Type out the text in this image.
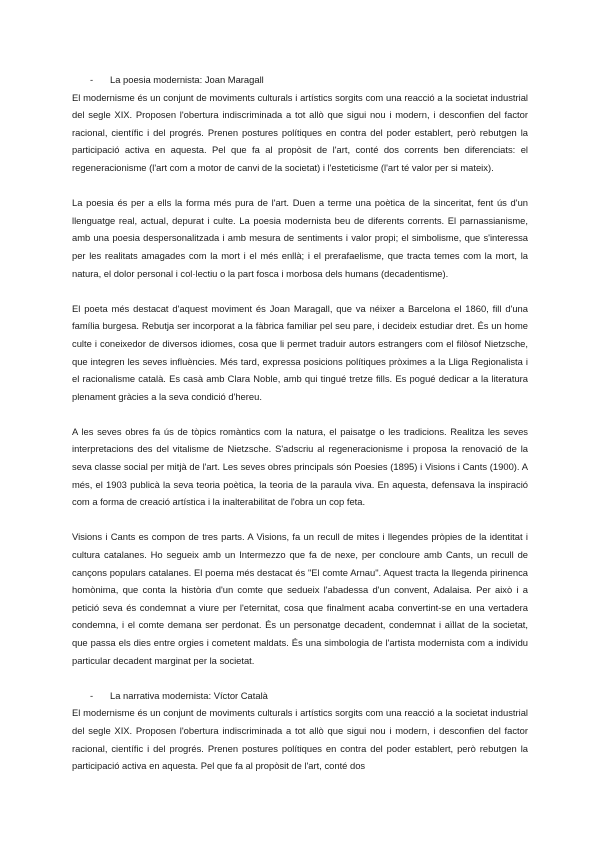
-	La poesia modernista: Joan Maragall

El modernisme és un conjunt de moviments culturals i artístics sorgits com una reacció a la societat industrial del segle XIX. Proposen l'obertura indiscriminada a tot allò que sigui nou i modern, i desconfien del factor racional, científic i del progrés. Prenen postures polítiques en contra del poder establert, però rebutgen la participació activa en aquesta. Pel que fa al propòsit de l'art, conté dos corrents ben diferenciats: el regeneracionisme (l'art com a motor de canvi de la societat) i l'esteticisme (l'art té valor per si mateix).

La poesia és per a ells la forma més pura de l'art. Duen a terme una poètica de la sinceritat, fent ús d'un llenguatge real, actual, depurat i culte. La poesia modernista beu de diferents corrents. El parnassianisme, amb una poesia despersonalitzada i amb mesura de sentiments i valor propi; el simbolisme, que s'interessa per les realitats amagades com la mort i el més enllà; i el prerafaelisme, que tracta temes com la mort, la natura, el dolor personal i col·lectiu o la part fosca i morbosa dels humans (decadentisme).

El poeta més destacat d'aquest moviment és Joan Maragall, que va néixer a Barcelona el 1860, fill d'una família burgesa. Rebutja ser incorporat a la fàbrica familiar pel seu pare, i decideix estudiar dret. És un home culte i coneixedor de diversos idiomes, cosa que li permet traduir autors estrangers com el filòsof Nietzsche, que integren les seves influències. Més tard, expressa posicions polítiques pròximes a la Lliga Regionalista i el racionalisme català. Es casà amb Clara Noble, amb qui tingué tretze fills. Es pogué dedicar a la literatura plenament gràcies a la seva condició d'hereu.

A les seves obres fa ús de tòpics romàntics com la natura, el paisatge o les tradicions. Realitza les seves interpretacions des del vitalisme de Nietzsche. S'adscriu al regeneracionisme i proposa la renovació de la seva classe social per mitjà de l'art. Les seves obres principals són Poesies (1895) i Visions i Cants (1900). A més, el 1903 publicà la seva teoria poètica, la teoria de la paraula viva. En aquesta, defensava la inspiració com a forma de creació artística i la inalterabilitat de l'obra un cop feta.

Visions i Cants es compon de tres parts. A Visions, fa un recull de mites i llegendes pròpies de la identitat i cultura catalanes. Ho segueix amb un Intermezzo que fa de nexe, per concloure amb Cants, un recull de cançons populars catalanes. El poema més destacat és "El comte Arnau". Aquest tracta la llegenda pirinenca homònima, que conta la història d'un comte que sedueix l'abadessa d'un convent, Adalaisa. Per això i a petició seva és condemnat a viure per l'eternitat, cosa que finalment acaba convertint-se en una vertadera condemna, i el comte demana ser perdonat. És un personatge decadent, condemnat i aïllat de la societat, que passa els dies entre orgies i cometent maldats. És una simbologia de l'artista modernista com a individu particular decadent marginat per la societat.

-	La narrativa modernista: Víctor Català

El modernisme és un conjunt de moviments culturals i artístics sorgits com una reacció a la societat industrial del segle XIX. Proposen l'obertura indiscriminada a tot allò que sigui nou i modern, i desconfien del factor racional, científic i del progrés. Prenen postures polítiques en contra del poder establert, però rebutgen la participació activa en aquesta. Pel que fa al propòsit de l'art, conté dos
